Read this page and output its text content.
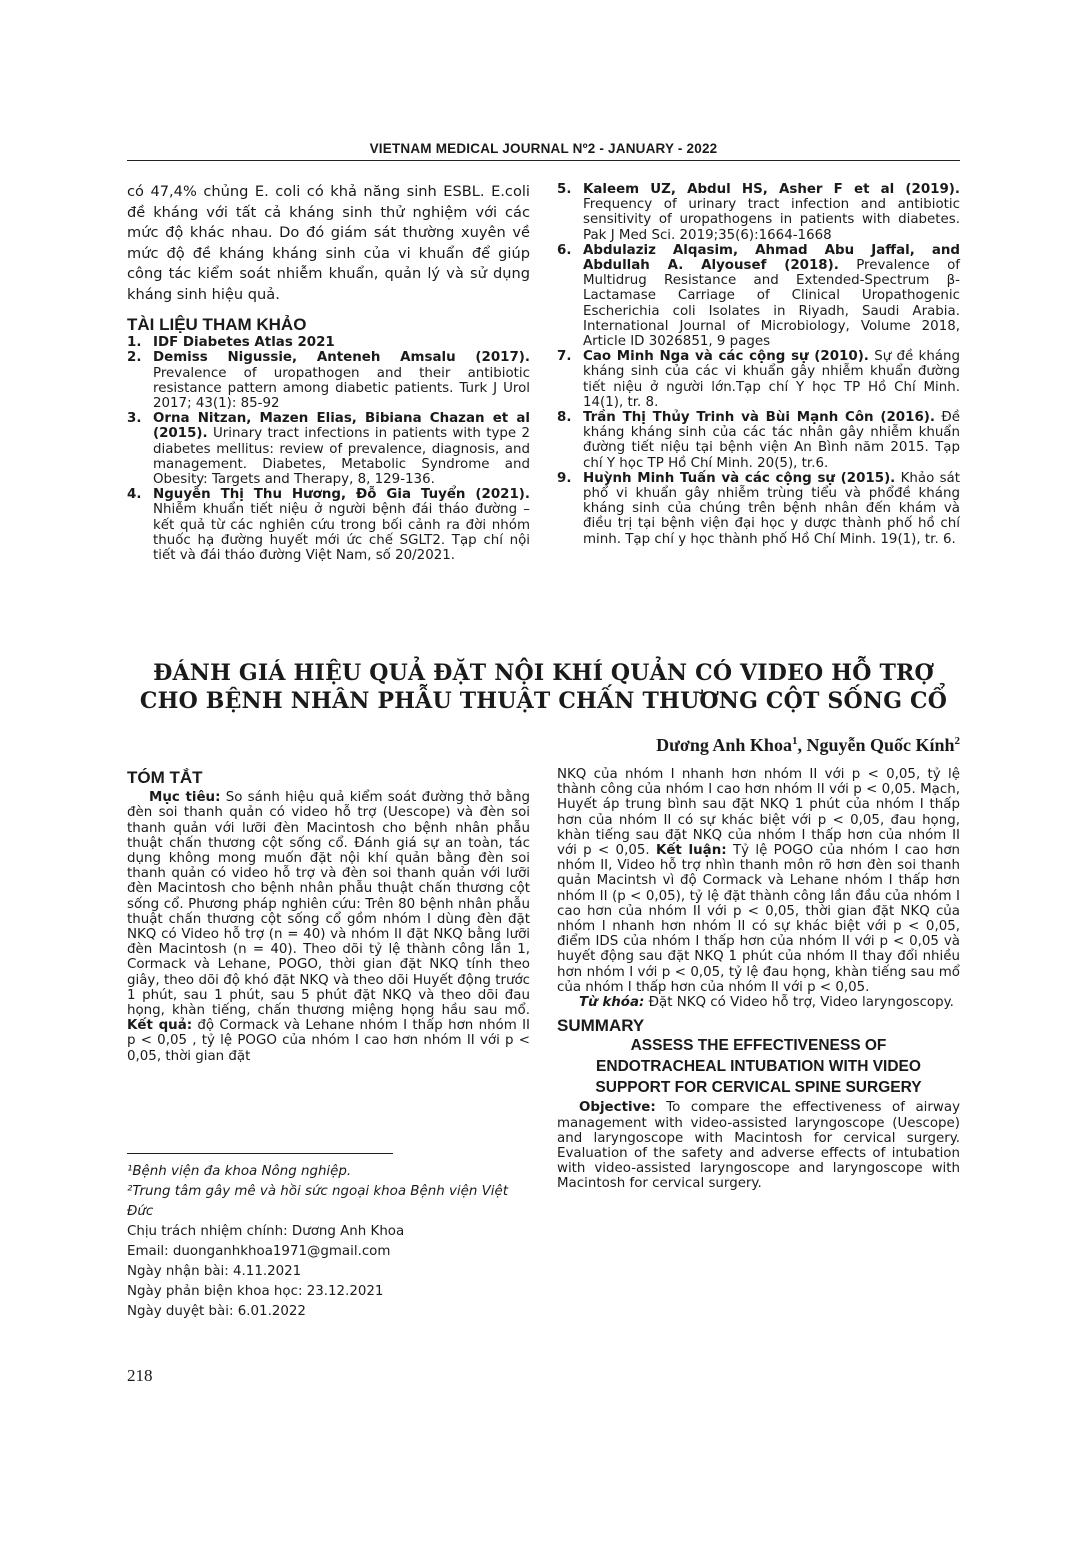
VIETNAM MEDICAL JOURNAL Nº2 - JANUARY - 2022

có 47,4% chủng E. coli có khả năng sinh ESBL. E.coli đề kháng với tất cả kháng sinh thử nghiệm với các mức độ khác nhau. Do đó giám sát thường xuyên về mức độ đề kháng kháng sinh của vi khuẩn để giúp công tác kiểm soát nhiễm khuẩn, quản lý và sử dụng kháng sinh hiệu quả.

TÀI LIỆU THAM KHẢO
1. IDF Diabetes Atlas 2021
2. Demiss Nigussie, Anteneh Amsalu (2017). Prevalence of uropathogen and their antibiotic resistance pattern among diabetic patients. Turk J Urol 2017; 43(1): 85-92
3. Orna Nitzan, Mazen Elias, Bibiana Chazan et al (2015). Urinary tract infections in patients with type 2 diabetes mellitus: review of prevalence, diagnosis, and management. Diabetes, Metabolic Syndrome and Obesity: Targets and Therapy, 8, 129-136.
4. Nguyễn Thị Thu Hương, Đỗ Gia Tuyển (2021). Nhiễm khuẩn tiết niệu ở người bệnh đái tháo đường – kết quả từ các nghiên cứu trong bối cảnh ra đời nhóm thuốc hạ đường huyết mới ức chế SGLT2. Tạp chí nội tiết và đái tháo đường Việt Nam, số 20/2021.
5. Kaleem UZ, Abdul HS, Asher F et al (2019). Frequency of urinary tract infection and antibiotic sensitivity of uropathogens in patients with diabetes. Pak J Med Sci. 2019;35(6):1664-1668
6. Abdulaziz Alqasim, Ahmad Abu Jaffal, and Abdullah A. Alyousef (2018). Prevalence of Multidrug Resistance and Extended-Spectrum β-Lactamase Carriage of Clinical Uropathogenic Escherichia coli Isolates in Riyadh, Saudi Arabia. International Journal of Microbiology, Volume 2018, Article ID 3026851, 9 pages
7. Cao Minh Nga và các cộng sự (2010). Sự đề kháng kháng sinh của các vi khuẩn gây nhiễm khuẩn đường tiết niệu ở người lớn.Tạp chí Y học TP Hồ Chí Minh. 14(1), tr. 8.
8. Trần Thị Thủy Trinh và Bùi Mạnh Côn (2016). Đề kháng kháng sinh của các tác nhân gây nhiễm khuẩn đường tiết niệu tại bệnh viện An Bình năm 2015. Tạp chí Y học TP Hồ Chí Minh. 20(5), tr.6.
9. Huỳnh Minh Tuấn và các cộng sự (2015). Khảo sát phổ vi khuẩn gây nhiễm trùng tiểu và phổđề kháng kháng sinh của chúng trên bệnh nhân đến khám và điều trị tại bệnh viện đại học y dược thành phố hồ chí minh. Tạp chí y học thành phố Hồ Chí Minh. 19(1), tr. 6.
ĐÁNH GIÁ HIỆU QUẢ ĐẶT NỘI KHÍ QUẢN CÓ VIDEO HỖ TRỢ
CHO BỆNH NHÂN PHẪU THUẬT CHẤN THƯƠNG CỘT SỐNG CỔ
Dương Anh Khoa$^1$, Nguyễn Quốc Kính$^2$
TÓM TẮT

Mục tiêu: So sánh hiệu quả kiểm soát đường thở bằng đèn soi thanh quản có video hỗ trợ (Uescope) và đèn soi thanh quản với lưỡi đèn Macintosh cho bệnh nhân phẫu thuật chấn thương cột sống cổ. Đánh giá sự an toàn, tác dụng không mong muốn đặt nội khí quản bằng đèn soi thanh quản có video hỗ trợ và đèn soi thanh quản với lưỡi đèn Macintosh cho bệnh nhân phẫu thuật chấn thương cột sống cổ. Phương pháp nghiên cứu: Trên 80 bệnh nhân phẫu thuật chấn thương cột sống cổ gồm nhóm I dùng đèn đặt NKQ có Video hỗ trợ (n = 40) và nhóm II đặt NKQ bằng lưỡi đèn Macintosh (n = 40). Theo dõi tỷ lệ thành công lần 1, Cormack và Lehane, POGO, thời gian đặt NKQ tính theo giây, theo dõi độ khó đặt NKQ và theo dõi Huyết động trước 1 phút, sau 1 phút, sau 5 phút đặt NKQ và theo dõi đau họng, khàn tiếng, chấn thương miệng họng hầu sau mổ. Kết quả: độ Cormack và Lehane nhóm I thấp hơn nhóm II p < 0,05 , tỷ lệ POGO của nhóm I cao hơn nhóm II với p < 0,05, thời gian đặt

NKQ của nhóm I nhanh hơn nhóm II với p < 0,05, tỷ lệ thành công của nhóm I cao hơn nhóm II với p < 0,05. Mạch, Huyết áp trung bình sau đặt NKQ 1 phút của nhóm I thấp hơn của nhóm II có sự khác biệt với p < 0,05, đau họng, khàn tiếng sau đặt NKQ của nhóm I thấp hơn của nhóm II với p < 0,05. Kết luận: Tỷ lệ POGO của nhóm I cao hơn nhóm II, Video hỗ trợ nhìn thanh môn rõ hơn đèn soi thanh quản Macintsh vì độ Cormack và Lehane nhóm I thấp hơn nhóm II (p < 0,05), tỷ lệ đặt thành công lần đầu của nhóm I cao hơn của nhóm II với p < 0,05, thời gian đặt NKQ của nhóm I nhanh hơn nhóm II có sự khác biệt với p < 0,05, điểm IDS của nhóm I thấp hơn của nhóm II với p < 0,05 và huyết động sau đặt NKQ 1 phút của nhóm II thay đổi nhiều hơn nhóm I với p < 0,05, tỷ lệ đau họng, khàn tiếng sau mổ của nhóm I thấp hơn của nhóm II với p < 0,05.

Từ khóa: Đặt NKQ có Video hỗ trợ, Video laryngoscopy.

SUMMARY
ASSESS THE EFFECTIVENESS OF
ENDOTRACHEAL INTUBATION WITH VIDEO
SUPPORT FOR CERVICAL SPINE SURGERY

Objective: To compare the effectiveness of airway management with video-assisted laryngoscope (Uescope) and laryngoscope with Macintosh for cervical surgery. Evaluation of the safety and adverse effects of intubation with video-assisted laryngoscope and laryngoscope with Macintosh for cervical surgery.

¹Bệnh viện đa khoa Nông nghiệp.

²Trung tâm gây mê và hồi sức ngoại khoa Bệnh viện Việt Đức

Chịu trách nhiệm chính: Dương Anh Khoa

Email: duonganhkhoa1971@gmail.com

Ngày nhận bài: 4.11.2021

Ngày phản biện khoa học: 23.12.2021

Ngày duyệt bài: 6.01.2022

218
